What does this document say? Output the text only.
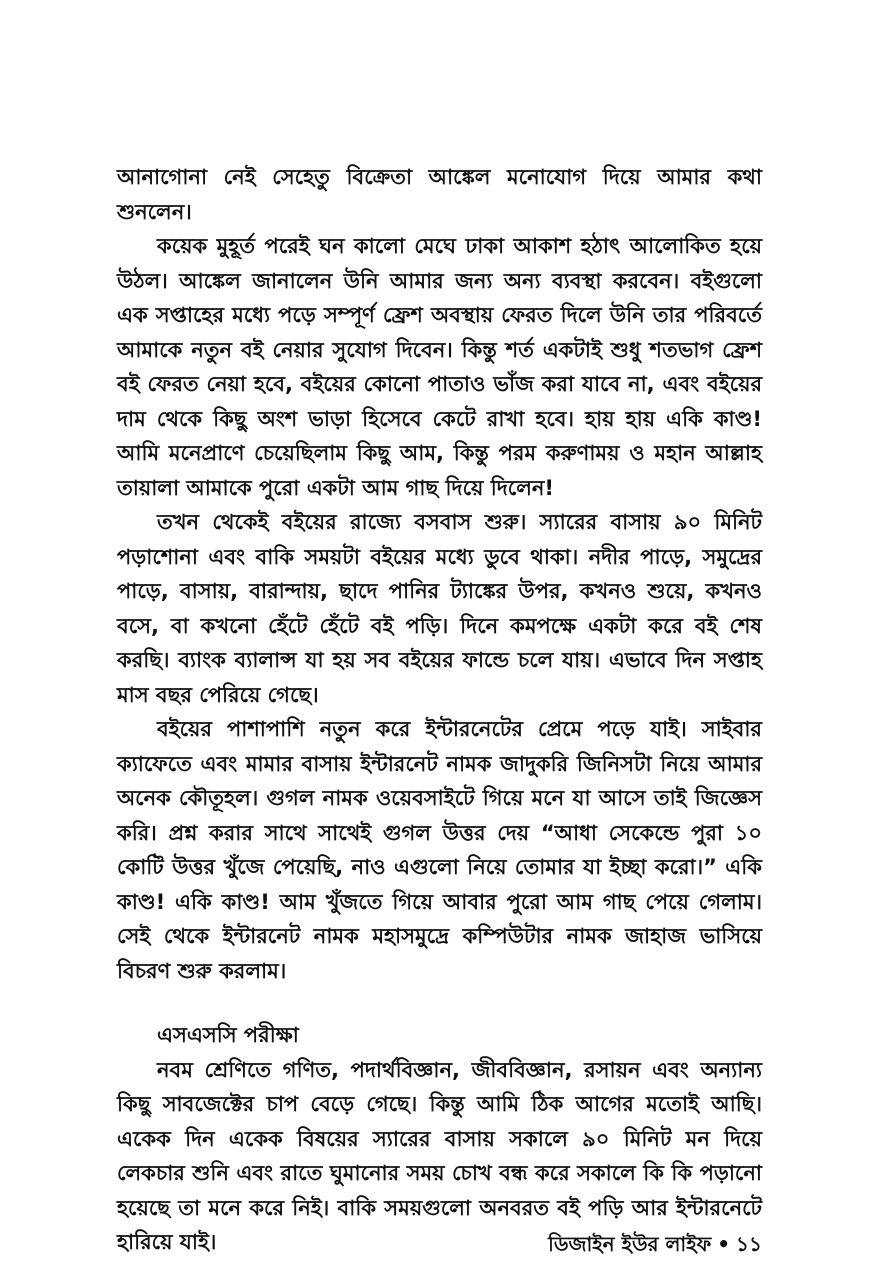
আনাগোনা নেই সেহেতু বিক্রেতা আঙ্কেল মনোযোগ দিয়ে আমার কথা শুনলেন।

কয়েক মুহূর্ত পরেই ঘন কালো মেঘে ঢাকা আকাশ হঠাৎ আলোকিত হয়ে উঠল। আঙ্কেল জানালেন উনি আমার জন্য অন্য ব্যবস্থা করবেন। বইগুলো এক সপ্তাহের মধ্যে পড়ে সম্পূর্ণ ফ্রেশ অবস্থায় ফেরত দিলে উনি তার পরিবর্তে আমাকে নতুন বই নেয়ার সুযোগ দিবেন। কিন্তু শর্ত একটাই শুধু শতভাগ ফ্রেশ বই ফেরত নেয়া হবে, বইয়ের কোনো পাতাও ভাঁজ করা যাবে না, এবং বইয়ের দাম থেকে কিছু অংশ ভাড়া হিসেবে কেটে রাখা হবে। হায় হায় একি কাণ্ড! আমি মনেপ্রাণে চেয়েছিলাম কিছু আম, কিন্তু পরম করুণাময় ও মহান আল্লাহ তায়ালা আমাকে পুরো একটা আম গাছ দিয়ে দিলেন!

তখন থেকেই বইয়ের রাজ্যে বসবাস শুরু। স্যারের বাসায় ৯০ মিনিট পড়াশোনা এবং বাকি সময়টা বইয়ের মধ্যে ডুবে থাকা। নদীর পাড়ে, সমুদ্রের পাড়ে, বাসায়, বারান্দায়, ছাদে পানির ট্যাঙ্কের উপর, কখনও শুয়ে, কখনও বসে, বা কখনো হেঁটে হেঁটে বই পড়ি। দিনে কমপক্ষে একটা করে বই শেষ করছি। ব্যাংক ব্যালান্স যা হয় সব বইয়ের ফান্ডে চলে যায়। এভাবে দিন সপ্তাহ মাস বছর পেরিয়ে গেছে।

বইয়ের পাশাপাশি নতুন করে ইন্টারনেটের প্রেমে পড়ে যাই। সাইবার ক্যাফেতে এবং মামার বাসায় ইন্টারনেট নামক জাদুকরি জিনিসটা নিয়ে আমার অনেক কৌতূহল। গুগল নামক ওয়েবসাইটে গিয়ে মনে যা আসে তাই জিজ্ঞেস করি। প্রশ্ন করার সাথে সাথেই গুগল উত্তর দেয় “আধা সেকেন্ডে পুরা ১০ কোটি উত্তর খুঁজে পেয়েছি, নাও এগুলো নিয়ে তোমার যা ইচ্ছা করো।” একি কাণ্ড! একি কাণ্ড! আম খুঁজতে গিয়ে আবার পুরো আম গাছ পেয়ে গেলাম। সেই থেকে ইন্টারনেট নামক মহাসমুদ্রে কম্পিউটার নামক জাহাজ ভাসিয়ে বিচরণ শুরু করলাম।

এসএসসি পরীক্ষা

নবম শ্রেণিতে গণিত, পদার্থবিজ্ঞান, জীববিজ্ঞান, রসায়ন এবং অন্যান্য কিছু সাবজেক্টের চাপ বেড়ে গেছে। কিন্তু আমি ঠিক আগের মতোই আছি। একেক দিন একেক বিষয়ের স্যারের বাসায় সকালে ৯০ মিনিট মন দিয়ে লেকচার শুনি এবং রাতে ঘুমানোর সময় চোখ বন্ধ করে সকালে কি কি পড়ানো হয়েছে তা মনে করে নিই। বাকি সময়গুলো অনবরত বই পড়ি আর ইন্টারনেটে হারিয়ে যাই।	ডিজাইন ইউর লাইফ • ১১
